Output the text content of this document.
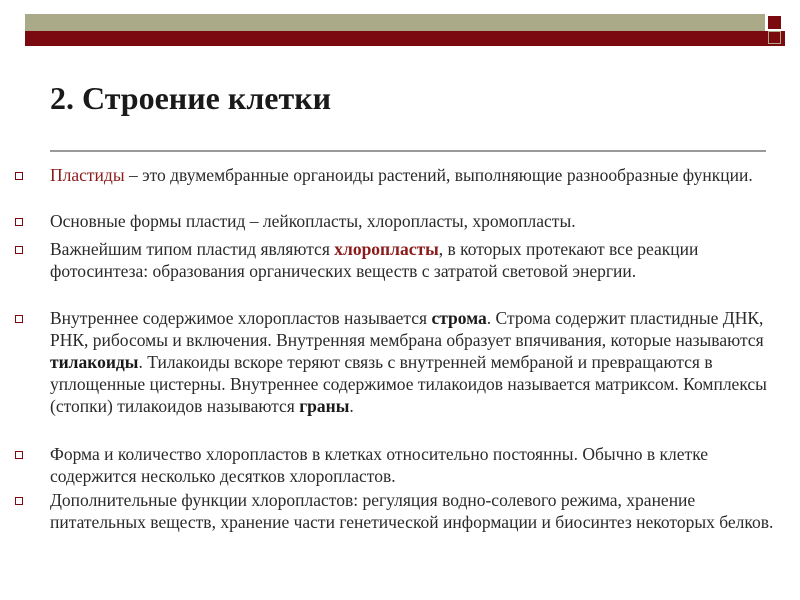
2. Строение клетки
Пластиды – это двумембранные органоиды растений, выполняющие разнообразные функции.
Основные формы пластид – лейкопласты, хлоропласты, хромопласты.
Важнейшим типом пластид являются хлоропласты, в которых протекают все реакции фотосинтеза: образования органических веществ с затратой световой энергии.
Внутреннее содержимое хлоропластов называется строма. Строма содержит пластидные ДНК, РНК, рибосомы и включения. Внутренняя мембрана образует впячивания, которые называются тилакоиды. Тилакоиды вскоре теряют связь с внутренней мембраной и превращаются в уплощенные цистерны. Внутреннее содержимое тилакоидов называется матриксом. Комплексы (стопки) тилакоидов называются граны.
Форма и количество хлоропластов в клетках относительно постоянны. Обычно в клетке содержится несколько десятков хлоропластов.
Дополнительные функции хлоропластов: регуляция водно-солевого режима, хранение питательных веществ, хранение части генетической информации и биосинтез некоторых белков.
